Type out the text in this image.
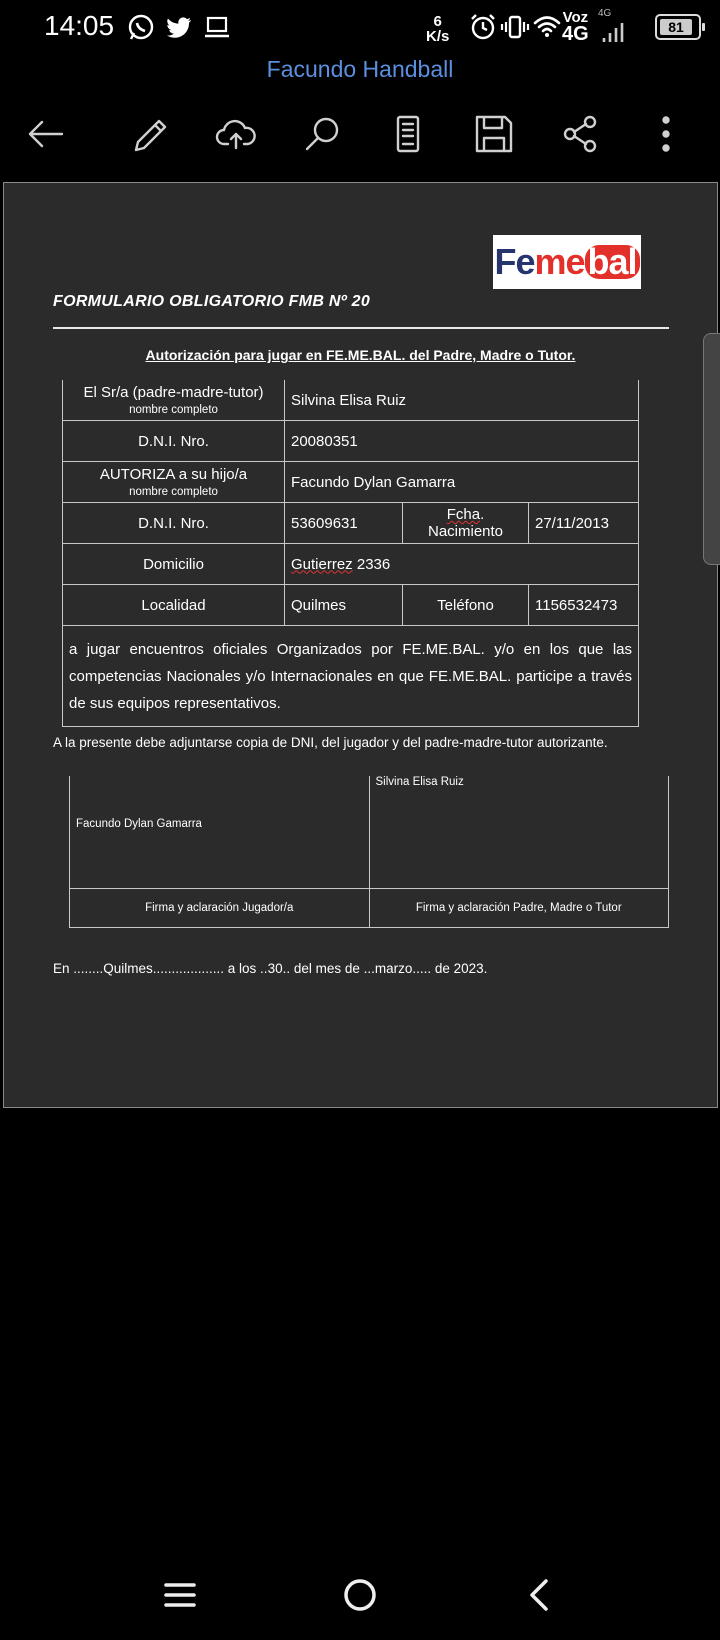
14:05	6
K/s
Voz
4G
4G
81
Facundo Handball
Fe me bal
FORMULARIO OBLIGATORIO FMB Nº 20
Autorización para jugar en FE.ME.BAL. del Padre, Madre o Tutor.
El Sr/a (padre-madre-tutor)
nombre completo	Silvina Elisa Ruiz		
D.N.I. Nro.	20080351		
AUTORIZA a su hijo/a
nombre completo	Facundo Dylan Gamarra		
D.N.I. Nro.	53609631	Fcha. Nacimiento	27/11/2013
Domicilio	Gutierrez 2336		
Localidad	Quilmes	Teléfono	1156532473
a jugar encuentros oficiales Organizados por FE.ME.BAL. y/o en los que las competencias Nacionales y/o Internacionales en que FE.ME.BAL. participe a través de sus equipos representativos.			
A la presente debe adjuntarse copia de DNI, del jugador y del padre-madre-tutor autorizante.
Facundo Dylan Gamarra	Silvina Elisa Ruiz

Firma y aclaración Jugador/a	Firma y aclaración Padre, Madre o Tutor
En ........Quilmes................... a los ..30.. del mes de ...marzo..... de 2023.
